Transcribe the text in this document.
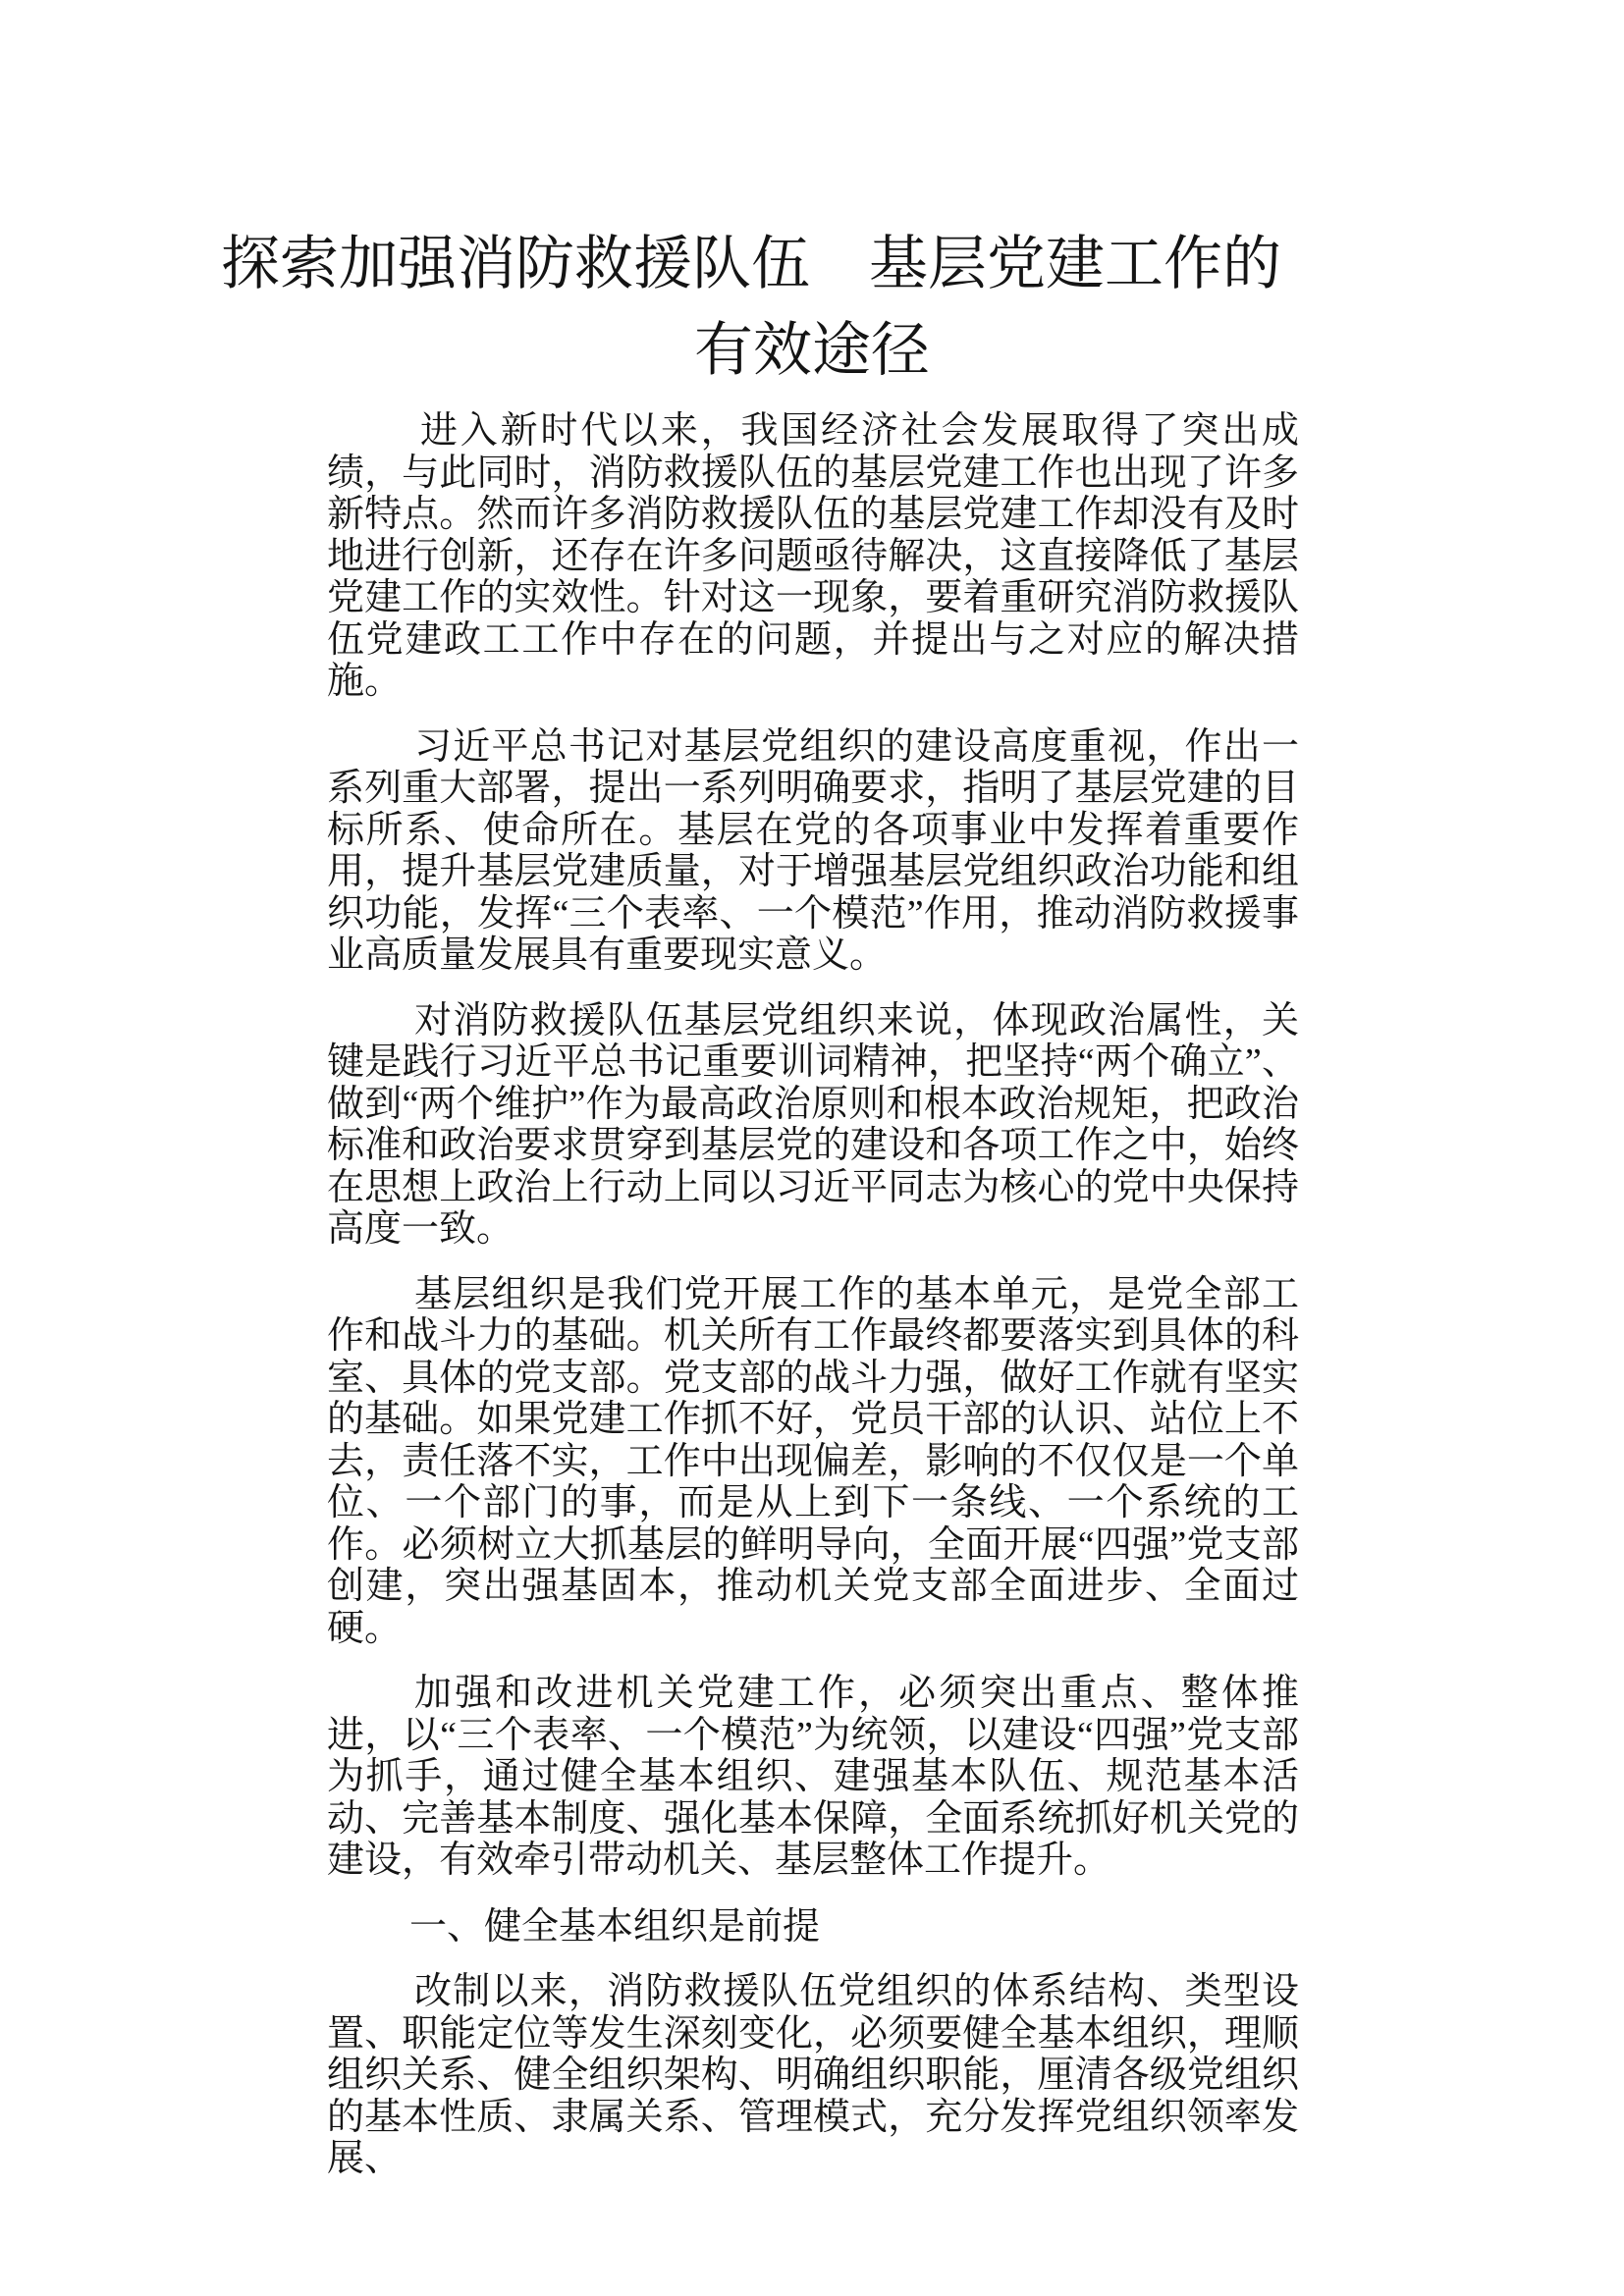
探索加强消防救援队伍　基层党建工作的
有效途径

进入新时代以来，我国经济社会发展取得了突出成绩，与此同时，消防救援队伍的基层党建工作也出现了许多新特点。然而许多消防救援队伍的基层党建工作却没有及时地进行创新，还存在许多问题亟待解决，这直接降低了基层党建工作的实效性。针对这一现象，要着重研究消防救援队伍党建政工工作中存在的问题，并提出与之对应的解决措施。

习近平总书记对基层党组织的建设高度重视，作出一系列重大部署，提出一系列明确要求，指明了基层党建的目标所系、使命所在。基层在党的各项事业中发挥着重要作用，提升基层党建质量，对于增强基层党组织政治功能和组织功能，发挥“三个表率、一个模范”作用，推动消防救援事业高质量发展具有重要现实意义。

对消防救援队伍基层党组织来说，体现政治属性，关键是践行习近平总书记重要训词精神，把坚持“两个确立”、做到“两个维护”作为最高政治原则和根本政治规矩，把政治标准和政治要求贯穿到基层党的建设和各项工作之中，始终在思想上政治上行动上同以习近平同志为核心的党中央保持高度一致。

基层组织是我们党开展工作的基本单元，是党全部工作和战斗力的基础。机关所有工作最终都要落实到具体的科室、具体的党支部。党支部的战斗力强，做好工作就有坚实的基础。如果党建工作抓不好，党员干部的认识、站位上不去，责任落不实，工作中出现偏差，影响的不仅仅是一个单位、一个部门的事，而是从上到下一条线、一个系统的工作。必须树立大抓基层的鲜明导向，全面开展“四强”党支部创建，突出强基固本，推动机关党支部全面进步、全面过硬。

加强和改进机关党建工作，必须突出重点、整体推进，以“三个表率、一个模范”为统领，以建设“四强”党支部为抓手，通过健全基本组织、建强基本队伍、规范基本活动、完善基本制度、强化基本保障，全面系统抓好机关党的建设，有效牵引带动机关、基层整体工作提升。

一、健全基本组织是前提

改制以来，消防救援队伍党组织的体系结构、类型设置、职能定位等发生深刻变化，必须要健全基本组织，理顺组织关系、健全组织架构、明确组织职能，厘清各级党组织的基本性质、隶属关系、管理模式，充分发挥党组织领率发展、
